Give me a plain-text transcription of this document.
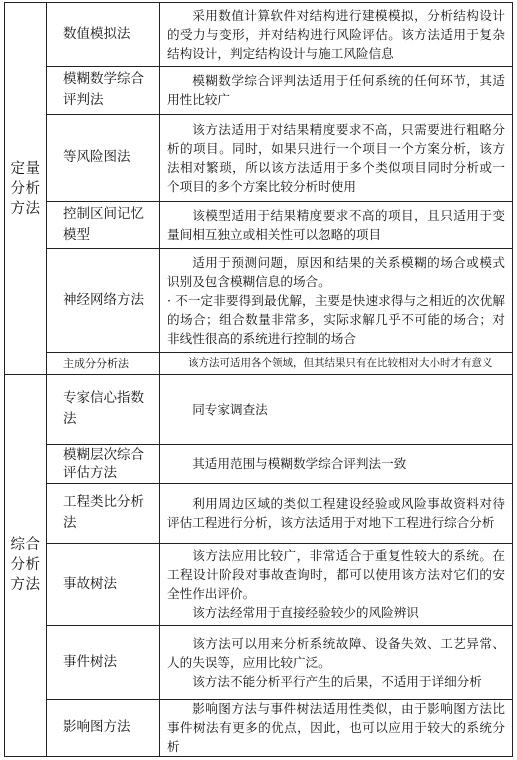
定量分析方法
综合分析方法
数值模拟法

采用数值计算软件对结构进行建模模拟，分析结构设计的受力与变形，并对结构进行风险评估。该方法适用于复杂结构设计，判定结构设计与施工风险信息

模糊数学综合评判法

模糊数学综合评判法适用于任何系统的任何环节，其适用性比较广

等风险图法

该方法适用于对结果精度要求不高，只需要进行粗略分析的项目。同时，如果只进行一个项目一个方案分析，该方法相对繁琐，所以该方法适用于多个类似项目同时分析或一个项目的多个方案比较分析时使用

控制区间记忆模型

该模型适用于结果精度要求不高的项目，且只适用于变量间相互独立或相关性可以忽略的项目

神经网络方法

适用于预测问题，原因和结果的关系模糊的场合或模式识别及包含模糊信息的场合。

· 不一定非要得到最优解，主要是快速求得与之相近的次优解的场合；组合数量非常多，实际求解几乎不可能的场合；对非线性很高的系统进行控制的场合

主成分分析法	该方法可适用各个领域，但其结果只有在比较相对大小时才有意义

专家信心指数法

同专家调查法

模糊层次综合评估方法

其适用范围与模糊数学综合评判法一致

工程类比分析法

利用周边区域的类似工程建设经验或风险事故资料对待评估工程进行分析，该方法适用于对地下工程进行综合分析

事故树法

该方法应用比较广，非常适合于重复性较大的系统。在工程设计阶段对事故查询时，都可以使用该方法对它们的安全性作出评价。

该方法经常用于直接经验较少的风险辨识

事件树法

该方法可以用来分析系统故障、设备失效、工艺异常、人的失误等，应用比较广泛。

该方法不能分析平行产生的后果，不适用于详细分析

影响图方法

影响图方法与事件树法适用性类似，由于影响图方法比事件树法有更多的优点，因此，也可以应用于较大的系统分析
